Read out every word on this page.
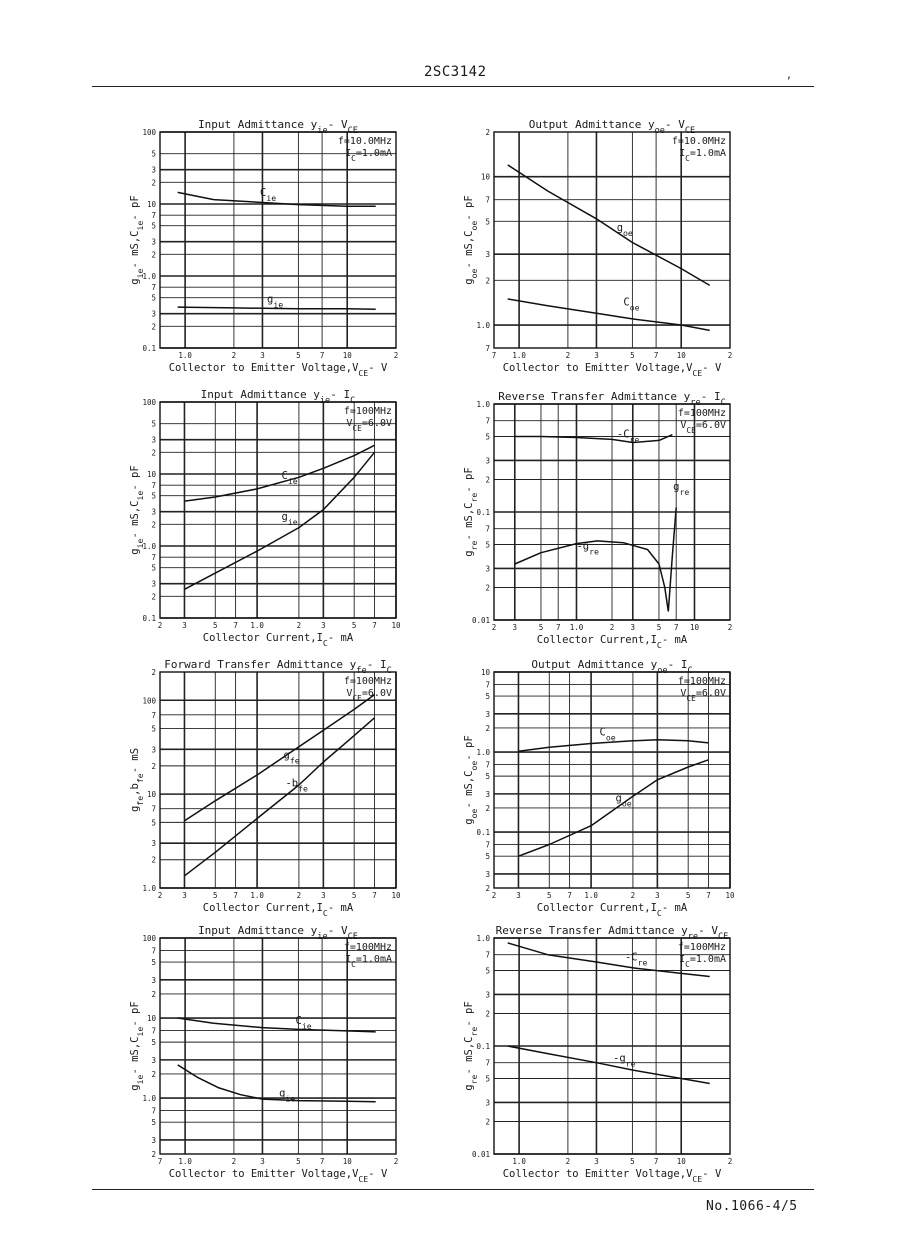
2SC3142	,
Input Admittance $y_{ie} - V_{CE}$
1.0	2	3	5	7 10	2
0.1
2
3
5
7
1.0
2
3
5
7
10
2
3
5
100
Collector to Emitter $Voltage,V_{CE}$ - V
$g_{ie} - mS,C_{ie}$ - pF
f=10.0MHz
$I_C =1.0mA$
$C_{ie}$
$g_{ie}$
Output Admittance $y_{oe} - V_{CE}$
7 1.0	2	3	5	7 10	2
7
1.0
2
3
5
7
10
2
Collector to Emitter $Voltage,V_{CE}$ - V
$g_{oe} - mS,C_{oe}$ - pF
f=10.0MHz
$I_C =1.0mA$
$g_{oe}$
$C_{oe}$
Input Admittance $y_{ie} - I_C$
2	3	5 7 1.0	2	3	5 7 10
0.1
2
3
5
7
1.0
2
3
5
7
10
2
3
5
100
Collector $Current,I_C$ - mA
$g_{ie} - mS,C_{ie}$ - pF
f=100MHz
$V_{CE} =6.0V$
$C_{ie}$
$g_{ie}$
Reverse Transfer Admittance $y_{re} - I_C$
2 3	5 7 1.0	2 3	5 7 10	2
0.01
2
3
5
7
0.1
2
3
5
7
1.0
Collector $Current,I_C$ - mA
$g_{re} - mS,C_{re}$ - pF
f=100MHz
$V_{CE} =6.0V$
$-C_{re}$
$-g_{re}$
$g_{re}$
Forward Transfer Admittance $y_{fe} - I_C$
2	3	5 7 1.0	2	3	5 7 10
1.0
2
3
5
7
10
2
3
5
7
100
2
Collector $Current,I_C$ - mA
$g_{fe}$ $,b_{fe}$ - mS
f=100MHz
$V_{CE} =6.0V$
$g_{fe}$
$-b_{fe}$
Output Admittance $y_{oe} - I_C$
2	3	5 7 1.0	2	3	5 7 10
2
3
5
7
0.1
2
3
5
7
1.0
2
3
5
7
10
Collector $Current,I_C$ - mA
$g_{oe} - mS,C_{oe}$ - pF
f=100MHz
$V_{CE} =6.0V$
$C_{oe}$
$g_{oe}$
Input Admittance $y_{ie} - V_{CE}$
7 1.0	2	3	5	7 10	2
2
3
5
7
1.0
2
3
5
7
10
2
3
5
7
100
Collector to Emitter $Voltage,V_{CE}$ - V
$g_{ie} - mS,C_{ie}$ - pF
f=100MHz
$I_C =1.0mA$
$C_{ie}$
$g_{ie}$
Reverse Transfer Admittance $y_{re} - V_{CE}$
1.0	2	3	5	7 10	2
0.01
2
3
5
7
0.1
2
3
5
7
1.0
Collector to Emitter $Voltage,V_{CE}$ - V
$g_{re} - mS,C_{re}$ - pF
f=100MHz
$I_C =1.0mA$
$-C_{re}$
$-g_{re}$
No.1066-4/5
